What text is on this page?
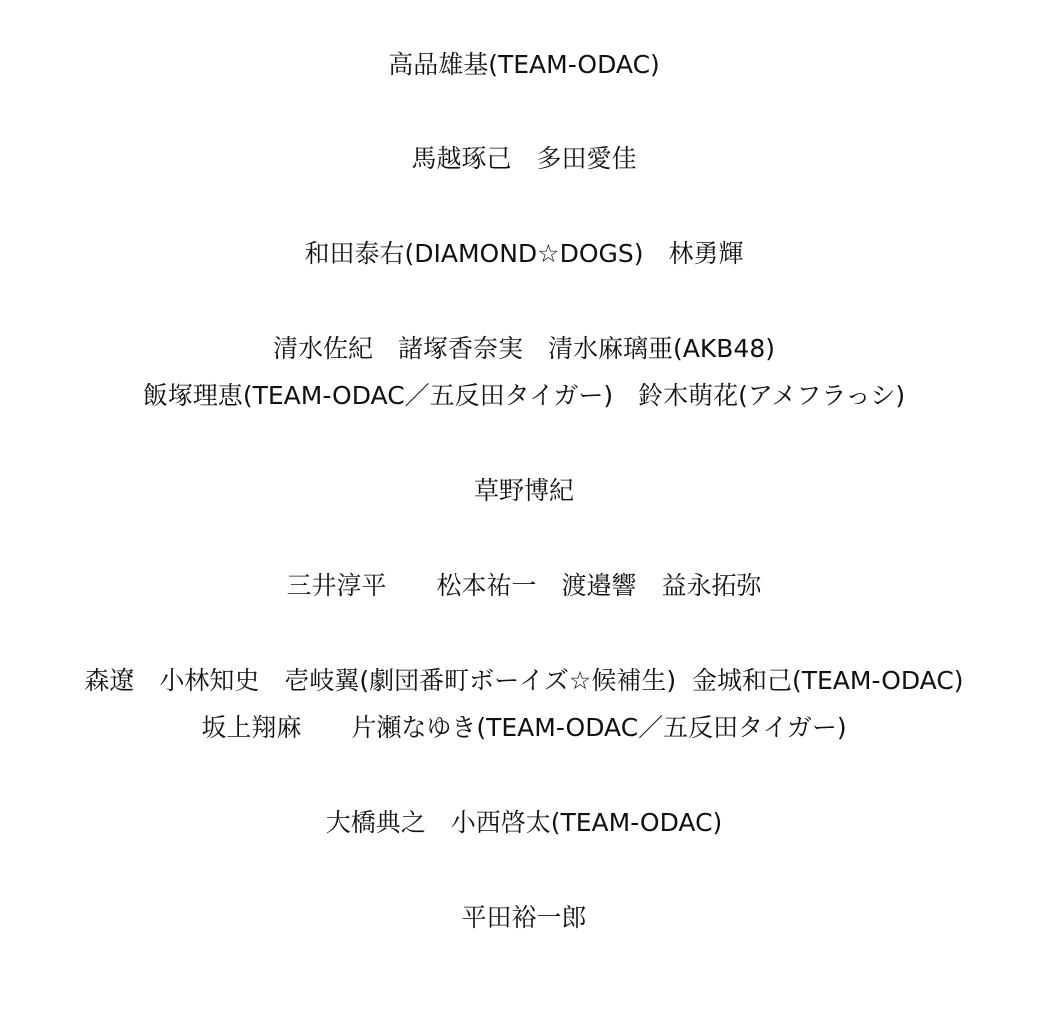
高品雄基(TEAM-ODAC)
馬越琢己　多田愛佳
和田泰右(DIAMOND☆DOGS)　林勇輝
清水佐紀　諸塚香奈実　清水麻璃亜(AKB48)
飯塚理恵(TEAM-ODAC／五反田タイガー)　鈴木萌花(アメフラっシ)
草野博紀
三井淳平　　松本祐一　渡邉響　益永拓弥
森遼　小林知史　壱岐翼(劇団番町ボーイズ☆候補生)  金城和己(TEAM-ODAC)
坂上翔麻　　片瀬なゆき(TEAM-ODAC／五反田タイガー)
大橋典之　小西啓太(TEAM-ODAC)
平田裕一郎
